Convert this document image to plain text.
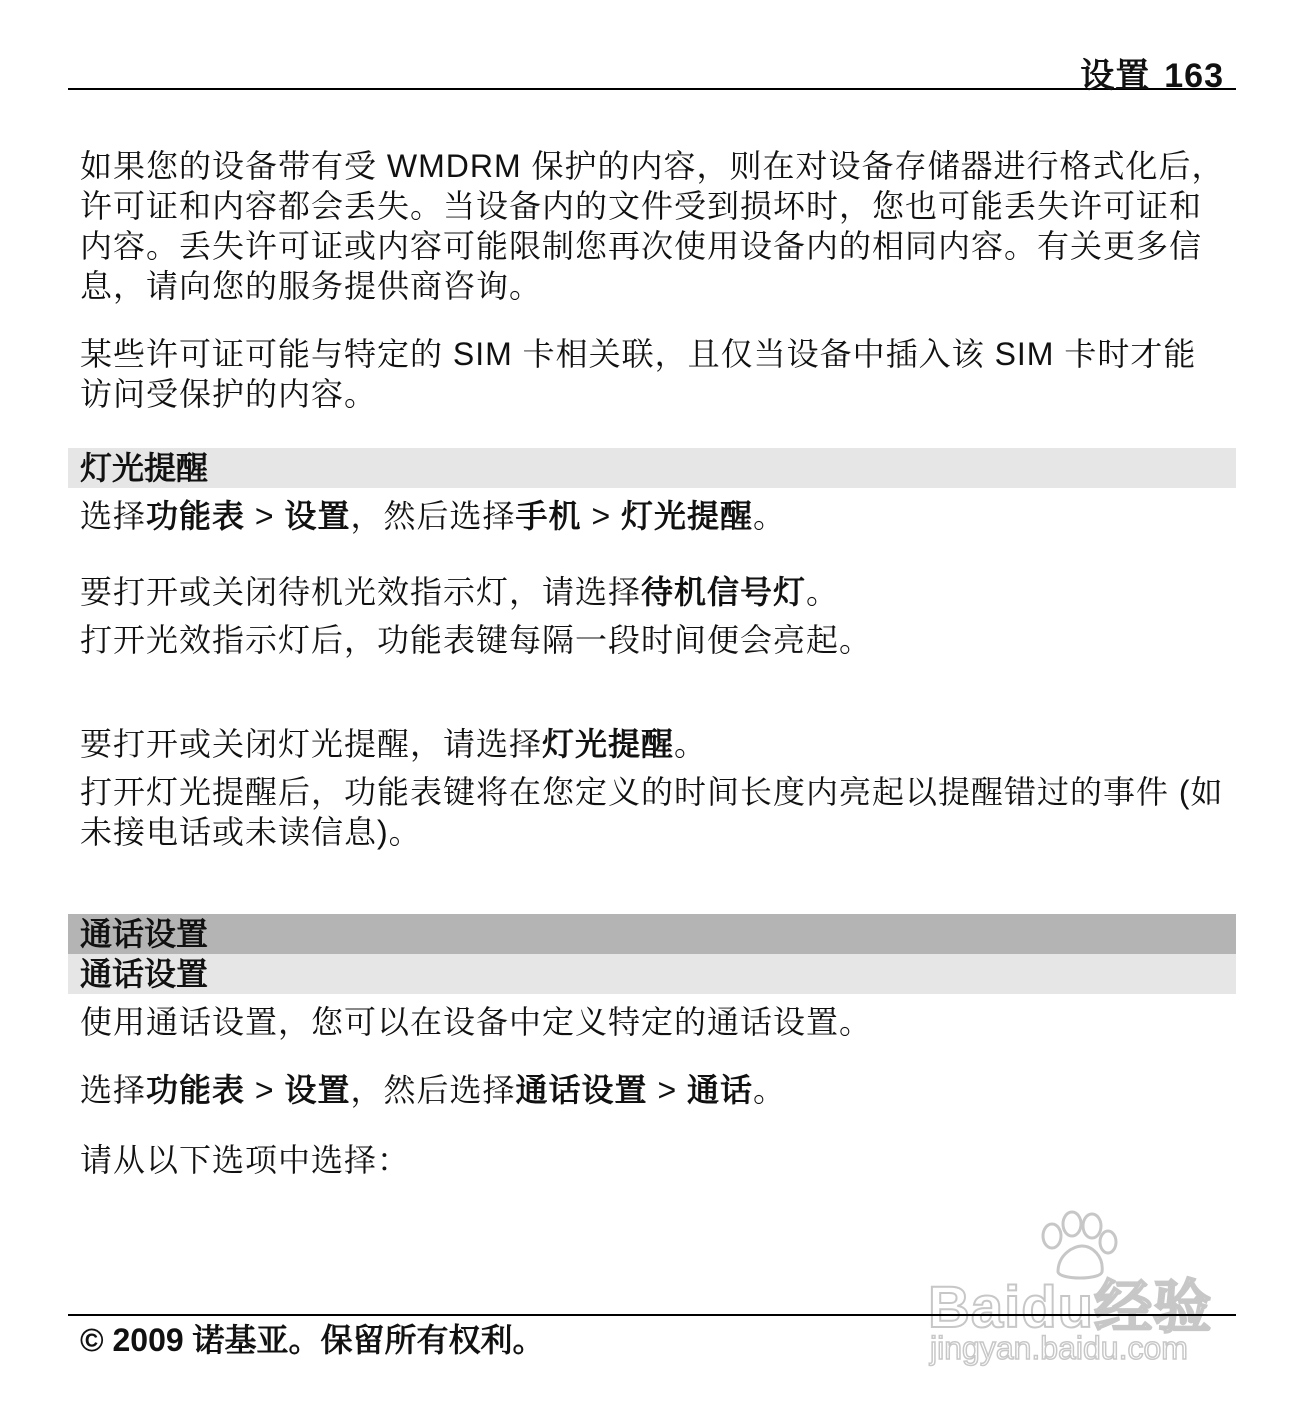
设置 163

如果您的设备带有受 WMDRM 保护的内容，则在对设备存储器进行格式化后，许可证和内容都会丢失。当设备内的文件受到损坏时，您也可能丢失许可证和内容。丢失许可证或内容可能限制您再次使用设备内的相同内容。有关更多信息，请向您的服务提供商咨询。

某些许可证可能与特定的 SIM 卡相关联，且仅当设备中插入该 SIM 卡时才能访问受保护的内容。

灯光提醒

选择功能表 > 设置，然后选择手机 > 灯光提醒。

要打开或关闭待机光效指示灯，请选择待机信号灯。

打开光效指示灯后，功能表键每隔一段时间便会亮起。

要打开或关闭灯光提醒，请选择灯光提醒。

打开灯光提醒后，功能表键将在您定义的时间长度内亮起以提醒错过的事件 (如未接电话或未读信息)。

通话设置
通话设置

使用通话设置，您可以在设备中定义特定的通话设置。

选择功能表 > 设置，然后选择通话设置 > 通话。

请从以下选项中选择：

Baidu经验
jingyan.baidu.com
© 2009 诺基亚。保留所有权利。
